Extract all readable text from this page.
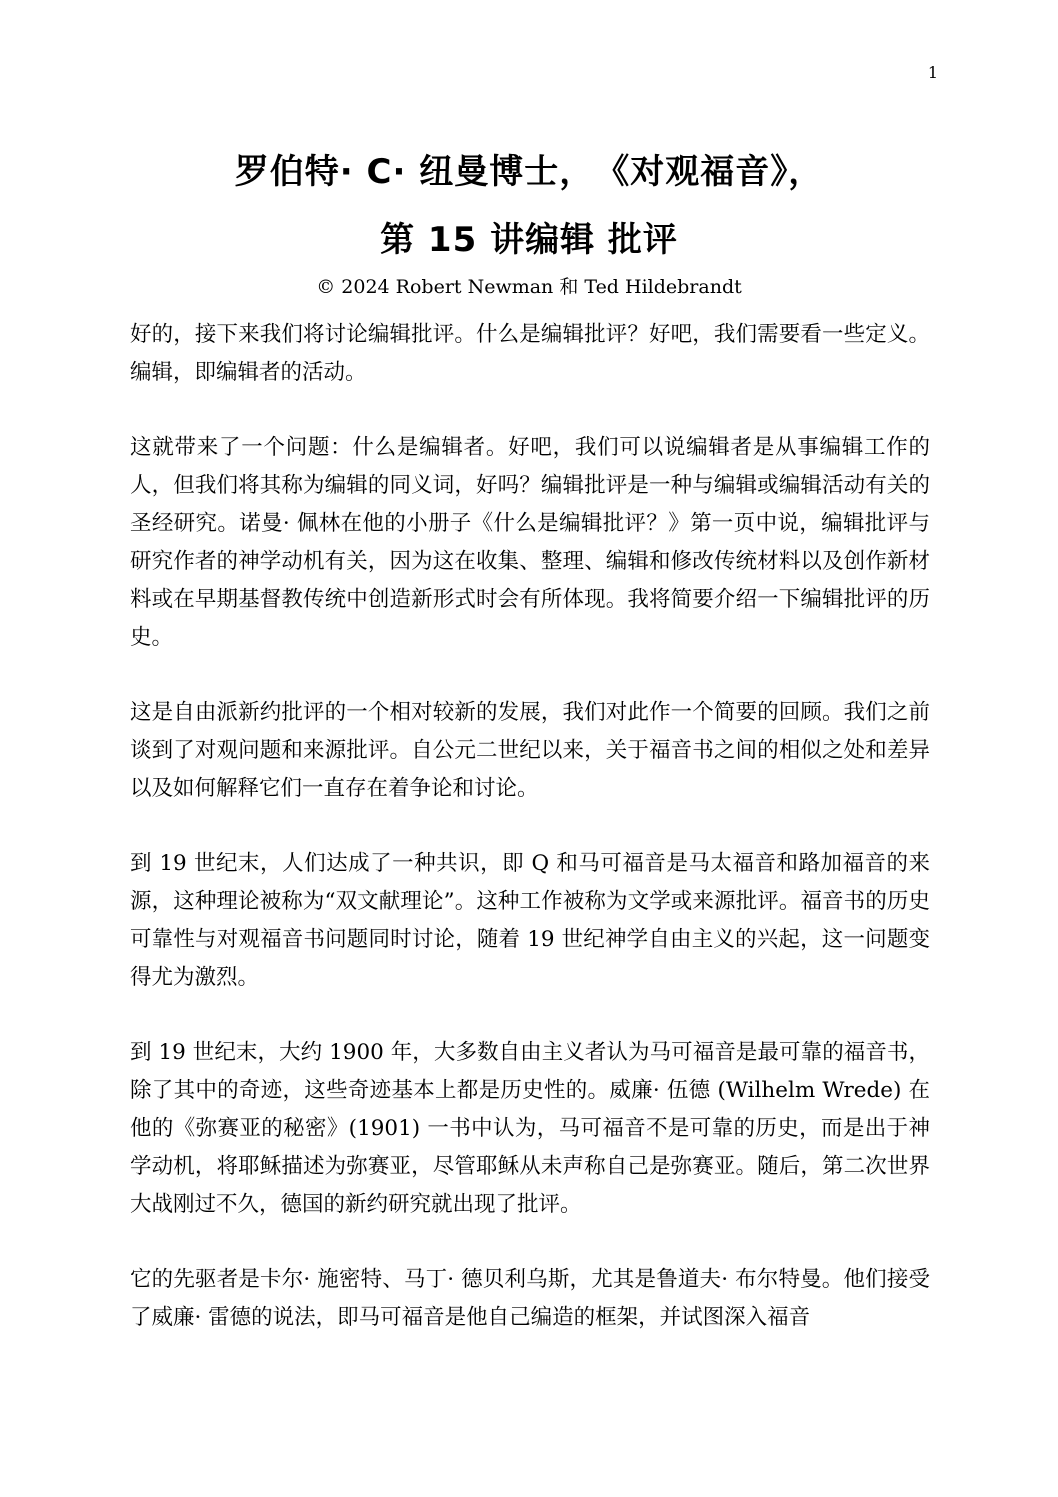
1
罗伯特· C· 纽曼博士，　《对观福音》，
第 15 讲编辑 批评
© 2024 Robert Newman 和 Ted Hildebrandt

好的，接下来我们将讨论编辑批评。什么是编辑批评？好吧，我们需要看一些定义。编辑，即编辑者的活动。

这就带来了一个问题：什么是编辑者。好吧，我们可以说编辑者是从事编辑工作的人，但我们将其称为编辑的同义词，好吗？编辑批评是一种与编辑或编辑活动有关的圣经研究。诺曼· 佩林在他的小册子《什么是编辑批评？》第一页中说，编辑批评与研究作者的神学动机有关，因为这在收集、整理、编辑和修改传统材料以及创作新材料或在早期基督教传统中创造新形式时会有所体现。我将简要介绍一下编辑批评的历史。

这是自由派新约批评的一个相对较新的发展，我们对此作一个简要的回顾。我们之前谈到了对观问题和来源批评。自公元二世纪以来，关于福音书之间的相似之处和差异以及如何解释它们一直存在着争论和讨论。

到 19 世纪末，人们达成了一种共识，即 Q 和马可福音是马太福音和路加福音的来源，这种理论被称为“双文献理论”。这种工作被称为文学或来源批评。福音书的历史可靠性与对观福音书问题同时讨论，随着 19 世纪神学自由主义的兴起，这一问题变得尤为激烈。

到 19 世纪末，大约 1900 年，大多数自由主义者认为马可福音是最可靠的福音书，除了其中的奇迹，这些奇迹基本上都是历史性的。威廉· 伍德 (Wilhelm Wrede) 在他的《弥赛亚的秘密》(1901) 一书中认为，马可福音不是可靠的历史，而是出于神学动机，将耶稣描述为弥赛亚，尽管耶稣从未声称自己是弥赛亚。随后，第二次世界大战刚过不久，德国的新约研究就出现了批评。

它的先驱者是卡尔· 施密特、马丁· 德贝利乌斯，尤其是鲁道夫· 布尔特曼。他们接受了威廉· 雷德的说法，即马可福音是他自己编造的框架，并试图深入福音
